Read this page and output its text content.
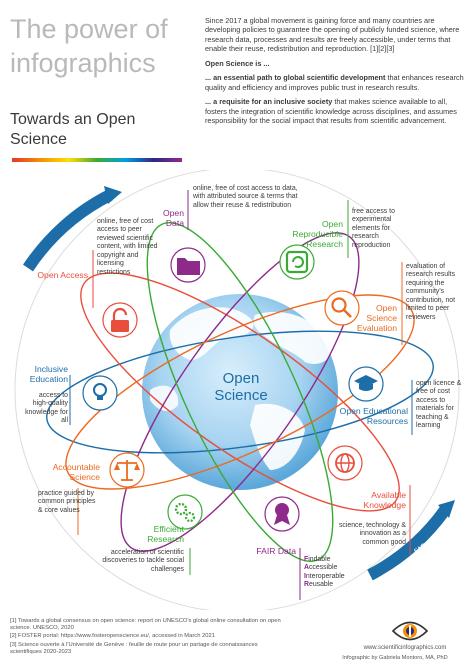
The power of
infographics
Towards an Open Science

Since 2017 a global movement is gaining force and many countries are developing policies to guarantee the opening of publicly funded science, where research data, processes and results are freely accessible, under terms that enable their reuse, redistribution and reproduction. [1][2][3]

Open Science is ...

... an essential path to global scientific development that enhances research quality and efficiency and improves public trust in research results.

... a requisite for an inclusive society that makes science available to all, fosters the integration of scientific knowledge across disciplines, and assumes responsibility for the social impact that results from scientific advancement.

principles
benefits
Open Science
Open Access
online, free of cost access to peer reviewed scientific content, with limited copyright and licensing restrictions
Open Data
online, free of cost access to data, with attributed source & terms that allow their reuse & redistribution
Open Reproducible Research
free access to experimental elements for research reproduction
Open Science Evaluation
evaluation of research results requiring the community's contribution, not limited to peer reviewers
Open Educational Resources
open licence & free of cost access to materials for teaching & learning
Available Knowledge
science, technology & innovation as a common good
FAIR Data
Findable
Accessible
Interoperable
Reusable
Efficient Research
acceleration of scientific discoveries to tackle social challenges
Accountable Science
practice guided by common principles & core values
Inclusive Education
access to high-quality knowledge for all

[1] Towards a global consensus on open science: report on UNESCO's global online consultation on open science. UNESCO, 2020

[2] FOSTER portal: https://www.fosteropenscience.eu/, accessed in March 2021

[3] Science ouverte à l'Université de Genève : feuille de route pour un partage de connaissances scientifiques 2020-2023

www.scientificinfographics.com
Infographic by Gabriela Montoro, MA, PhD
